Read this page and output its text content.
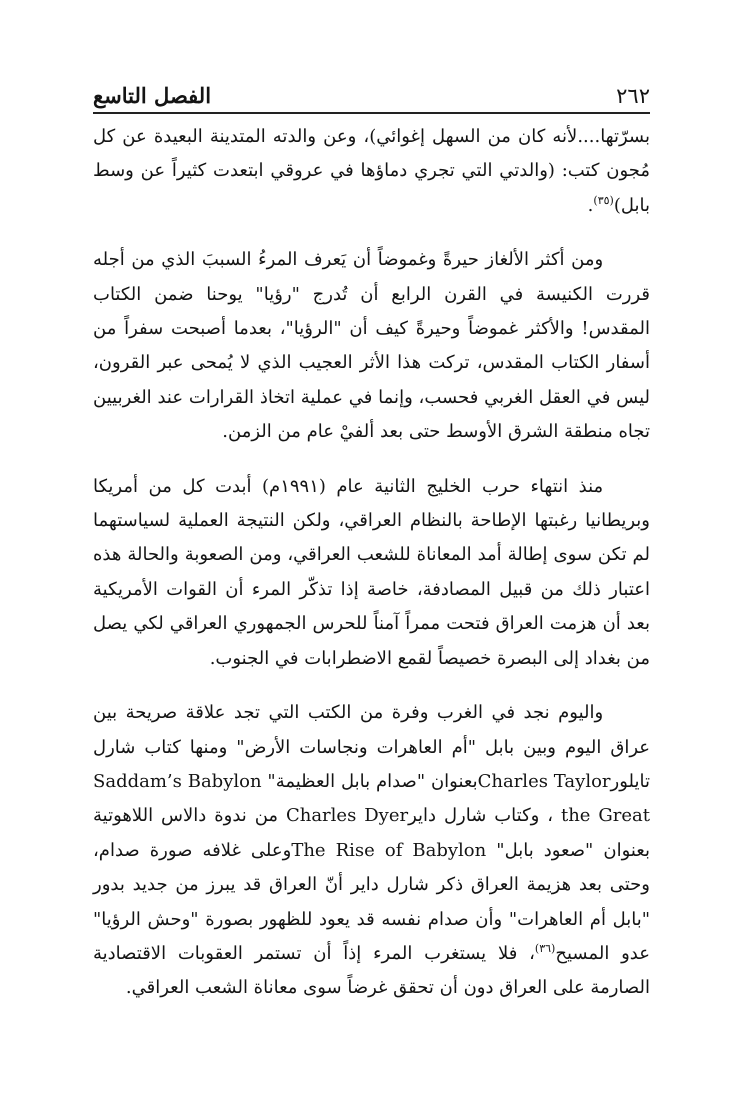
٢٦٢
الفصل التاسع

بسرّتها....لأنه كان من السهل إغوائي)، وعن والدته المتدينة البعيدة عن كل مُجون كتب: (والدتي التي تجري دماؤها في عروقي ابتعدت كثيراً عن وسط بابل)$^{(٣٥)}$.

ومن أكثر الألغاز حيرةً وغموضاً أن يَعرف المرءُ السببَ الذي من أجله قررت الكنيسة في القرن الرابع أن تُدرج "رؤيا" يوحنا ضمن الكتاب المقدس! والأكثر غموضاً وحيرةً كيف أن "الرؤيا"، بعدما أصبحت سفراً من أسفار الكتاب المقدس، تركت هذا الأثر العجيب الذي لا يُمحى عبر القرون، ليس في العقل الغربي فحسب، وإنما في عملية اتخاذ القرارات عند الغربيين تجاه منطقة الشرق الأوسط حتى بعد ألفيْ عام من الزمن.

منذ انتهاء حرب الخليج الثانية عام (١٩٩١م) أبدت كل من أمريكا وبريطانيا رغبتها الإطاحة بالنظام العراقي، ولكن النتيجة العملية لسياستهما لم تكن سوى إطالة أمد المعاناة للشعب العراقي، ومن الصعوبة والحالة هذه اعتبار ذلك من قبيل المصادفة، خاصة إذا تذكّر المرء أن القوات الأمريكية بعد أن هزمت العراق فتحت ممراً آمناً للحرس الجمهوري العراقي لكي يصل من بغداد إلى البصرة خصيصاً لقمع الاضطرابات في الجنوب.

واليوم نجد في الغرب وفرة من الكتب التي تجد علاقة صريحة بين عراق اليوم وبين بابل "أم العاهرات ونجاسات الأرض" ومنها كتاب شارل تايلور‏Charles Taylor‏بعنوان "صدام بابل العظيمة" ‏Saddam’s Babylon the Great‏ ، وكتاب شارل داير‏Charles Dyer‏ من ندوة دالاس اللاهوتية بعنوان "صعود بابل" ‏The Rise of Babylon‏وعلى غلافه صورة صدام، وحتى بعد هزيمة العراق ذكر شارل داير أنّ العراق قد يبرز من جديد بدور "بابل أم العاهرات" وأن صدام نفسه قد يعود للظهور بصورة "وحش الرؤيا" عدو المسيح$^{(٣٦)}$، فلا يستغرب المرء إذاً أن تستمر العقوبات الاقتصادية الصارمة على العراق دون أن تحقق غرضاً سوى معاناة الشعب العراقي.
